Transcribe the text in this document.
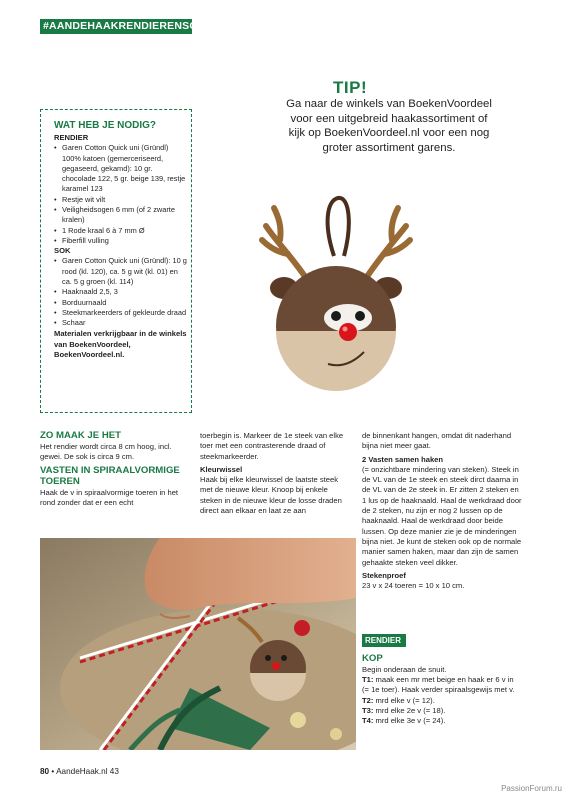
#AANDEHAAKRENDIERENSOKJE
TIP!
Ga naar de winkels van BoekenVoordeel
voor een uitgebreid haakassortiment of
kijk op BoekenVoordeel.nl voor een nog
groter assortiment garens.
WAT HEB JE NODIG?
RENDIER
• Garen Cotton Quick uni (Gründl) 100% katoen (gemerceriseerd, gegaseerd, gekamd): 10 gr. chocolade 122, 5 gr. beige 139, restje karamel 123
• Restje wit vilt
• Veiligheidsogen 6 mm (of 2 zwarte kralen)
• 1 Rode kraal 6 à 7 mm Ø
• Fiberfill vulling
SOK
• Garen Cotton Quick uni (Gründl): 10 g rood (kl. 120), ca. 5 g wit (kl. 01) en ca. 5 g groen (kl. 114)
• Haaknaald 2,5, 3
• Borduurnaald
• Steekmarkeerders of gekleurde draad
• Schaar
Materialen verkrijgbaar in de winkels van BoekenVoordeel, BoekenVoordeel.nl.
ZO MAAK JE HET
Het rendier wordt circa 8 cm hoog, incl. gewei. De sok is circa 9 cm.
VASTEN IN SPIRAALVORMIGE TOEREN
Haak de v in spiraalvormige toeren in het rond zonder dat er een echt
toerbegin is. Markeer de 1e steek van elke toer met een contrasterende draad of steekmarkeerder.
Kleurwissel
Haak bij elke kleurwissel de laatste steek met de nieuwe kleur. Knoop bij enkele steken in de nieuwe kleur de losse draden direct aan elkaar en laat ze aan
de binnenkant hangen, omdat dit naderhand bijna niet meer gaat.
2 Vasten samen haken
(= onzichtbare mindering van steken). Steek in de VL van de 1e steek en steek dirct daarna in de VL van de 2e steek in. Er zitten 2 steken en 1 lus op de haaknaald. Haal de werkdraad door de 2 steken, nu zijn er nog 2 lussen op de haaknaald. Haal de werkdraad door beide lussen. Op deze manier zie je de minderingen bijna niet. Je kunt de steken ook op de normale manier samen haken, maar dan zijn de samen gehaakte steken veel dikker.
Stekenproef
23 v x 24 toeren = 10 x 10 cm.
RENDIER
KOP
Begin onderaan de snuit.
T1: maak een mr met beige en haak er 6 v in (= 1e toer). Haak verder spiraalsgewijs met v.
T2: mrd elke v (= 12).
T3: mrd elke 2e v (= 18).
T4: mrd elke 3e v (= 24).
80 • AandeHaak.nl 43
PassionForum.ru
